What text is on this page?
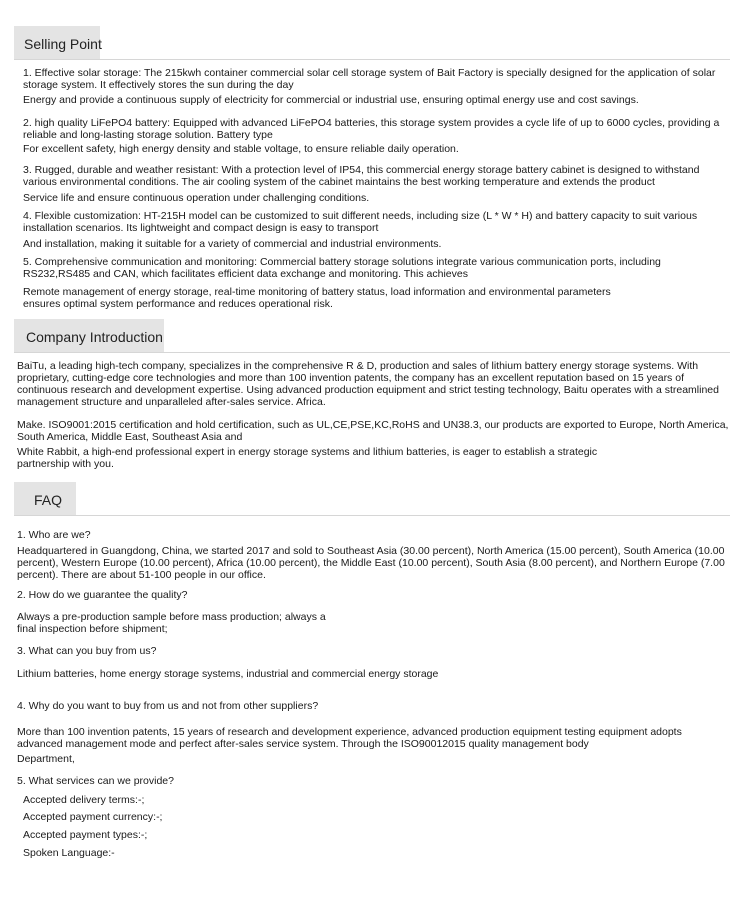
Selling Point

1. Effective solar storage: The 215kwh container commercial solar cell storage system of Bait Factory is specially designed for the application of solar storage system. It effectively stores the sun during the day

Energy and provide a continuous supply of electricity for commercial or industrial use, ensuring optimal energy use and cost savings.

2. high quality LiFePO4 battery: Equipped with advanced LiFePO4 batteries, this storage system provides a cycle life of up to 6000 cycles, providing a reliable and long-lasting storage solution. Battery type

For excellent safety, high energy density and stable voltage, to ensure reliable daily operation.

3. Rugged, durable and weather resistant: With a protection level of IP54, this commercial energy storage battery cabinet is designed to withstand various environmental conditions. The air cooling system of the cabinet maintains the best working temperature and extends the product

Service life and ensure continuous operation under challenging conditions.

4. Flexible customization: HT-215H model can be customized to suit different needs, including size (L * W * H) and battery capacity to suit various installation scenarios. Its lightweight and compact design is easy to transport

And installation, making it suitable for a variety of commercial and industrial environments.

5. Comprehensive communication and monitoring: Commercial battery storage solutions integrate various communication ports, including RS232,RS485 and CAN, which facilitates efficient data exchange and monitoring. This achieves

Remote management of energy storage, real-time monitoring of battery status, load information and environmental parameters ensures optimal system performance and reduces operational risk.

Company Introduction

BaiTu, a leading high-tech company, specializes in the comprehensive R & D, production and sales of lithium battery energy storage systems. With proprietary, cutting-edge core technologies and more than 100 invention patents, the company has an excellent reputation based on 15 years of continuous research and development expertise. Using advanced production equipment and strict testing technology, Baitu operates with a streamlined management structure and unparalleled after-sales service. Africa.

Make. ISO9001:2015 certification and hold certification, such as UL,CE,PSE,KC,RoHS and UN38.3, our products are exported to Europe, North America, South America, Middle East, Southeast Asia and

White Rabbit, a high-end professional expert in energy storage systems and lithium batteries, is eager to establish a strategic partnership with you.

FAQ

1. Who are we?

Headquartered in Guangdong, China, we started 2017 and sold to Southeast Asia (30.00 percent), North America (15.00 percent), South America (10.00 percent), Western Europe (10.00 percent), Africa (10.00 percent), the Middle East (10.00 percent), South Asia (8.00 percent), and Northern Europe (7.00 percent). There are about 51-100 people in our office.

2. How do we guarantee the quality?

Always a pre-production sample before mass production; always a final inspection before shipment;

3. What can you buy from us?

Lithium batteries, home energy storage systems, industrial and commercial energy storage

4. Why do you want to buy from us and not from other suppliers?

More than 100 invention patents, 15 years of research and development experience, advanced production equipment testing equipment adopts advanced management mode and perfect after-sales service system. Through the ISO90012015 quality management body

Department,

5. What services can we provide?

Accepted delivery terms:-;

Accepted payment currency:-;

Accepted payment types:-;

Spoken Language:-
